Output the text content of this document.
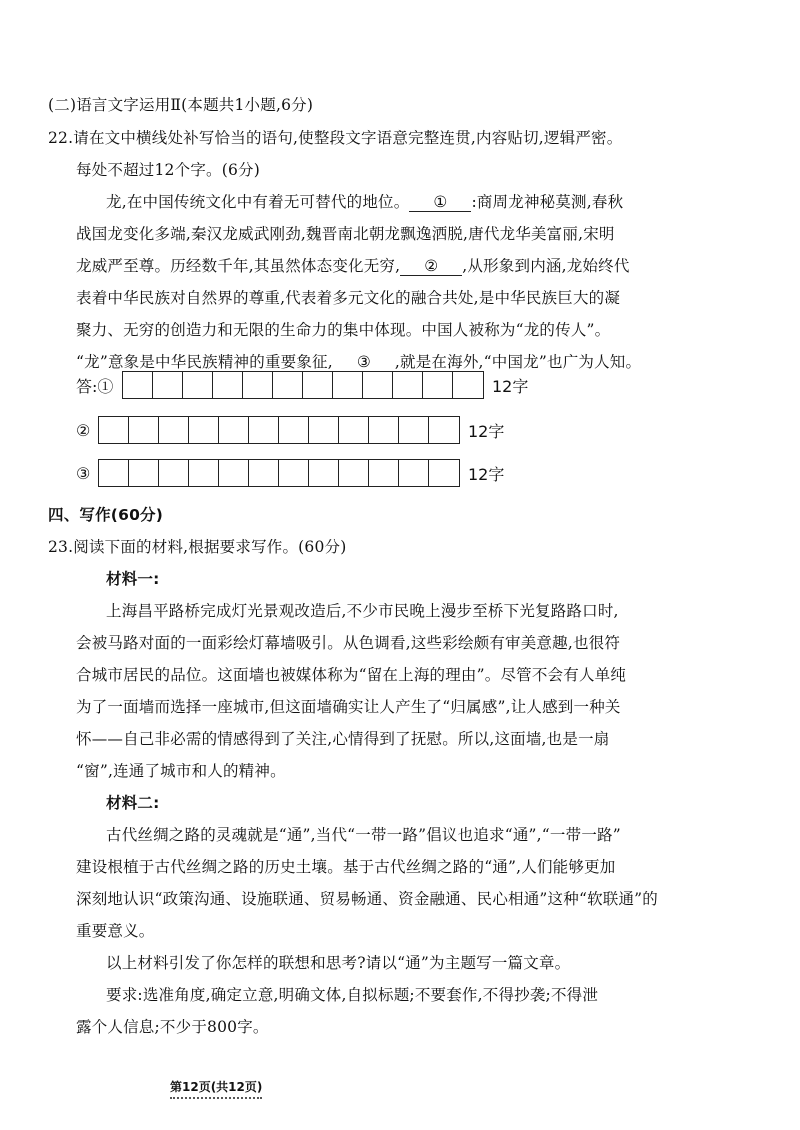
(二)语言文字运用Ⅱ(本题共1小题,6分)
22.请在文中横线处补写恰当的语句,使整段文字语意完整连贯,内容贴切,逻辑严密。
每处不超过12个字。(6分)
龙,在中国传统文化中有着无可替代的地位。 ① :商周龙神秘莫测,春秋
战国龙变化多端,秦汉龙威武刚劲,魏晋南北朝龙飘逸洒脱,唐代龙华美富丽,宋明
龙威严至尊。历经数千年,其虽然体态变化无穷, ② ,从形象到内涵,龙始终代
表着中华民族对自然界的尊重,代表着多元文化的融合共处,是中华民族巨大的凝
聚力、无穷的创造力和无限的生命力的集中体现。中国人被称为“龙的传人”。
“龙”意象是中华民族精神的重要象征, ③ ,就是在海外,“中国龙”也广为人知。
答:①	12字
②	12字
③	12字
四、写作(60分)
23.阅读下面的材料,根据要求写作。(60分)
材料一:
上海昌平路桥完成灯光景观改造后,不少市民晚上漫步至桥下光复路路口时,
会被马路对面的一面彩绘灯幕墙吸引。从色调看,这些彩绘颇有审美意趣,也很符
合城市居民的品位。这面墙也被媒体称为“留在上海的理由”。尽管不会有人单纯
为了一面墙而选择一座城市,但这面墙确实让人产生了“归属感”,让人感到一种关
怀——自己非必需的情感得到了关注,心情得到了抚慰。所以,这面墙,也是一扇
“窗”,连通了城市和人的精神。
材料二:
古代丝绸之路的灵魂就是“通”,当代“一带一路”倡议也追求“通”,“一带一路”
建设根植于古代丝绸之路的历史土壤。基于古代丝绸之路的“通”,人们能够更加
深刻地认识“政策沟通、设施联通、贸易畅通、资金融通、民心相通”这种“软联通”的
重要意义。
以上材料引发了你怎样的联想和思考?请以“通”为主题写一篇文章。
要求:选准角度,确定立意,明确文体,自拟标题;不要套作,不得抄袭;不得泄
露个人信息;不少于800字。
第12页(共12页)
